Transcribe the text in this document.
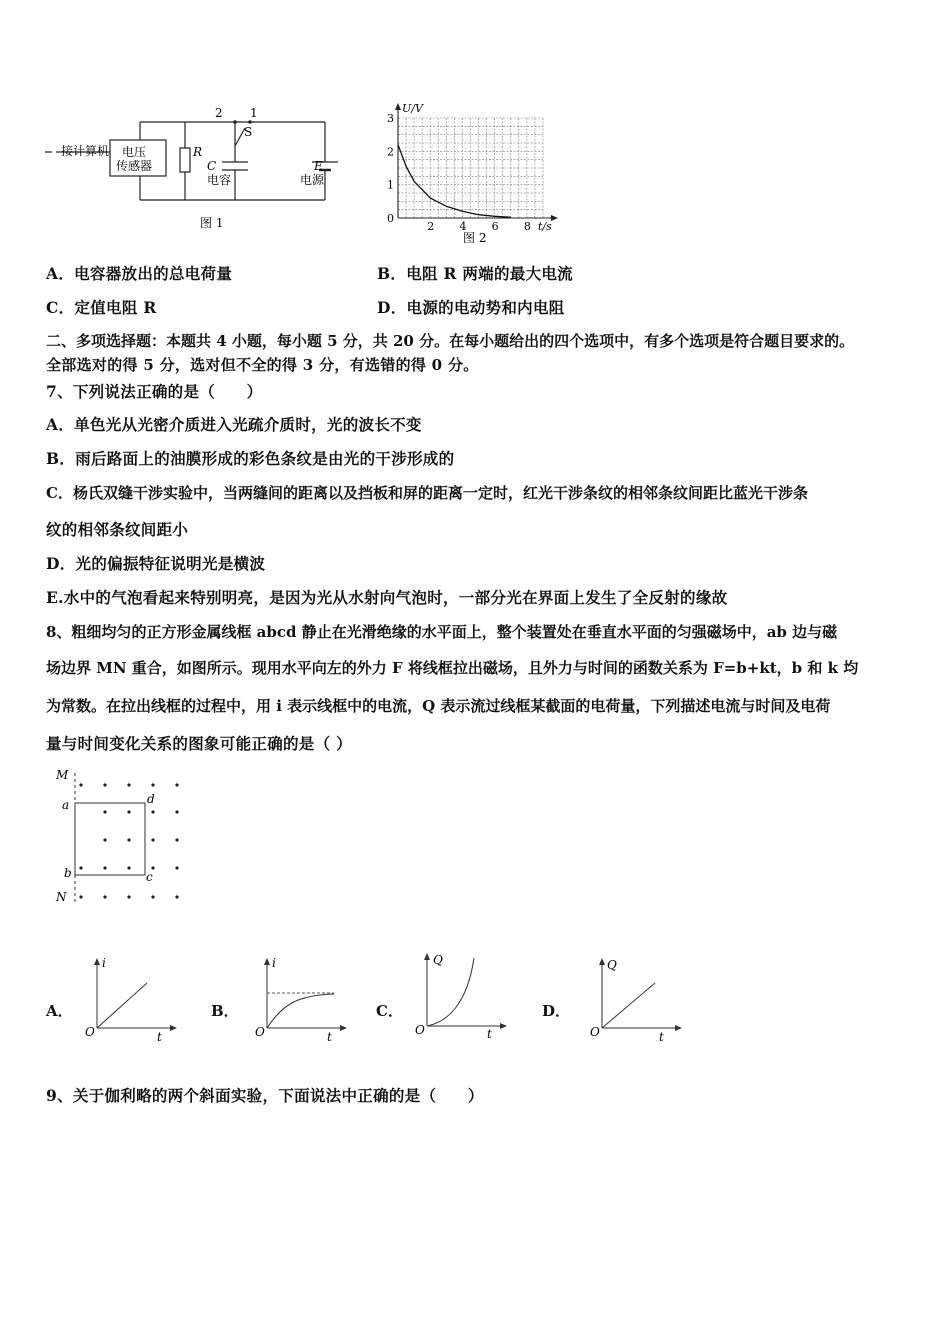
接计算机 电压
传感器
R
2 1
S
C
电容
E
电源
图 1
U/V
t/s
0
1
2
3
2 4 6 8
图 2
A．电容器放出的总电荷量	B．电阻 R 两端的最大电流
C．定值电阻 R	D．电源的电动势和内电阻
二、多项选择题：本题共 4 小题，每小题 5 分，共 20 分。在每小题给出的四个选项中，有多个选项是符合题目要求的。
全部选对的得 5 分，选对但不全的得 3 分，有选错的得 0 分。
7、下列说法正确的是（　　）
A．单色光从光密介质进入光疏介质时，光的波长不变
B．雨后路面上的油膜形成的彩色条纹是由光的干涉形成的
C．杨氏双缝干涉实验中，当两缝间的距离以及挡板和屏的距离一定时，红光干涉条纹的相邻条纹间距比蓝光干涉条
纹的相邻条纹间距小
D．光的偏振特征说明光是横波
E.水中的气泡看起来特别明亮，是因为光从水射向气泡时，一部分光在界面上发生了全反射的缘故
8、粗细均匀的正方形金属线框 abcd 静止在光滑绝缘的水平面上，整个装置处在垂直水平面的匀强磁场中，ab 边与磁
场边界 MN 重合，如图所示。现用水平向左的外力 F 将线框拉出磁场，且外力与时间的函数关系为 F=b+kt，b 和 k 均
为常数。在拉出线框的过程中，用 i 表示线框中的电流，Q 表示流过线框某截面的电荷量，下列描述电流与时间及电荷
量与时间变化关系的图象可能正确的是（ ）
M
a	d
b	c
N
A．
i
t
O
B．
i
t
O
C．
Q
t
O
D．
Q
t
O
9、关于伽利略的两个斜面实验，下面说法中正确的是（　　）
